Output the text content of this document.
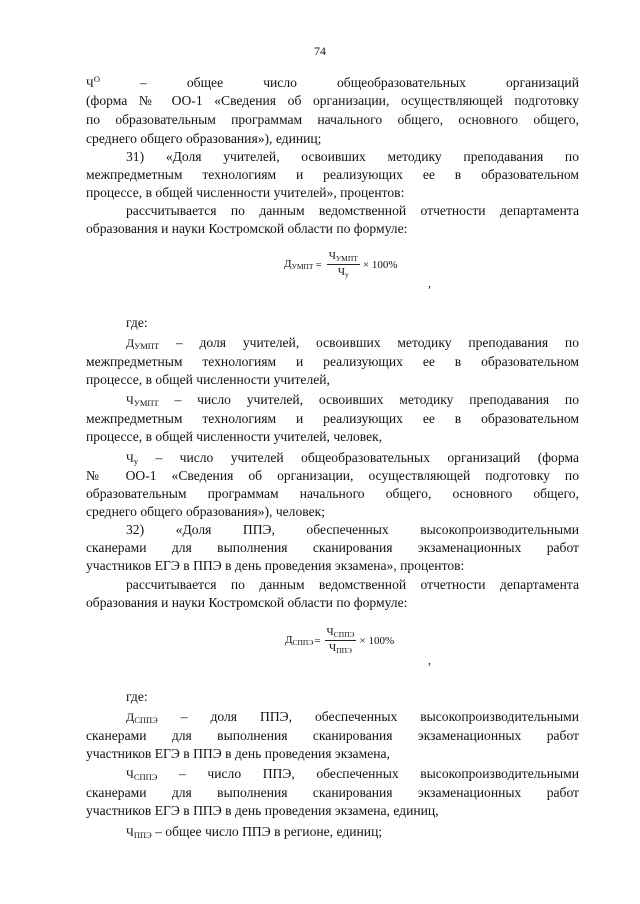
74

$Ч_О$	–	общее	число	общеобразовательных	организаций

(форма № ОО-1 «Сведения об организации, осуществляющей подготовку

по образовательным программам начального общего, основного общего,

среднего общего образования»), единиц;

31) «Доля учителей, освоивших методику преподавания по

межпредметным технологиям и реализующих ее в образовательном

процессе, в общей численности учителей», процентов:

рассчитывается по данным ведомственной отчетности департамента

образования и науки Костромской области по формуле:

$Д_{УМПТ} = \frac{Ч_{УМПТ}}{Ч_у} \times 100\%$
,

где:

$Д_{УМПТ}$ – доля учителей, освоивших методику преподавания по

межпредметным технологиям и реализующих ее в образовательном

процессе, в общей численности учителей,

$Ч_{УМПТ}$ – число учителей, освоивших методику преподавания по

межпредметным технологиям и реализующих ее в образовательном

процессе, в общей численности учителей, человек,

$Ч_у$ – число учителей общеобразовательных организаций (форма

№ ОО-1 «Сведения об организации, осуществляющей подготовку по

образовательным программам начального общего, основного общего,

среднего общего образования»), человек;

32) «Доля ППЭ, обеспеченных высокопроизводительными

сканерами для выполнения сканирования экзаменационных работ

участников ЕГЭ в ППЭ в день проведения экзамена», процентов:

рассчитывается по данным ведомственной отчетности департамента

образования и науки Костромской области по формуле:

$Д_{СППЭ} = \frac{Ч_{СППЭ}}{Ч_{ППЭ}} \times 100\%$
,

где:

$Д_{СППЭ}$ – доля ППЭ, обеспеченных высокопроизводительными

сканерами для выполнения сканирования экзаменационных работ

участников ЕГЭ в ППЭ в день проведения экзамена,

$Ч_{СППЭ}$ – число ППЭ, обеспеченных высокопроизводительными

сканерами для выполнения сканирования экзаменационных работ

участников ЕГЭ в ППЭ в день проведения экзамена, единиц,

$Ч_{ППЭ}$ – общее число ППЭ в регионе, единиц;
